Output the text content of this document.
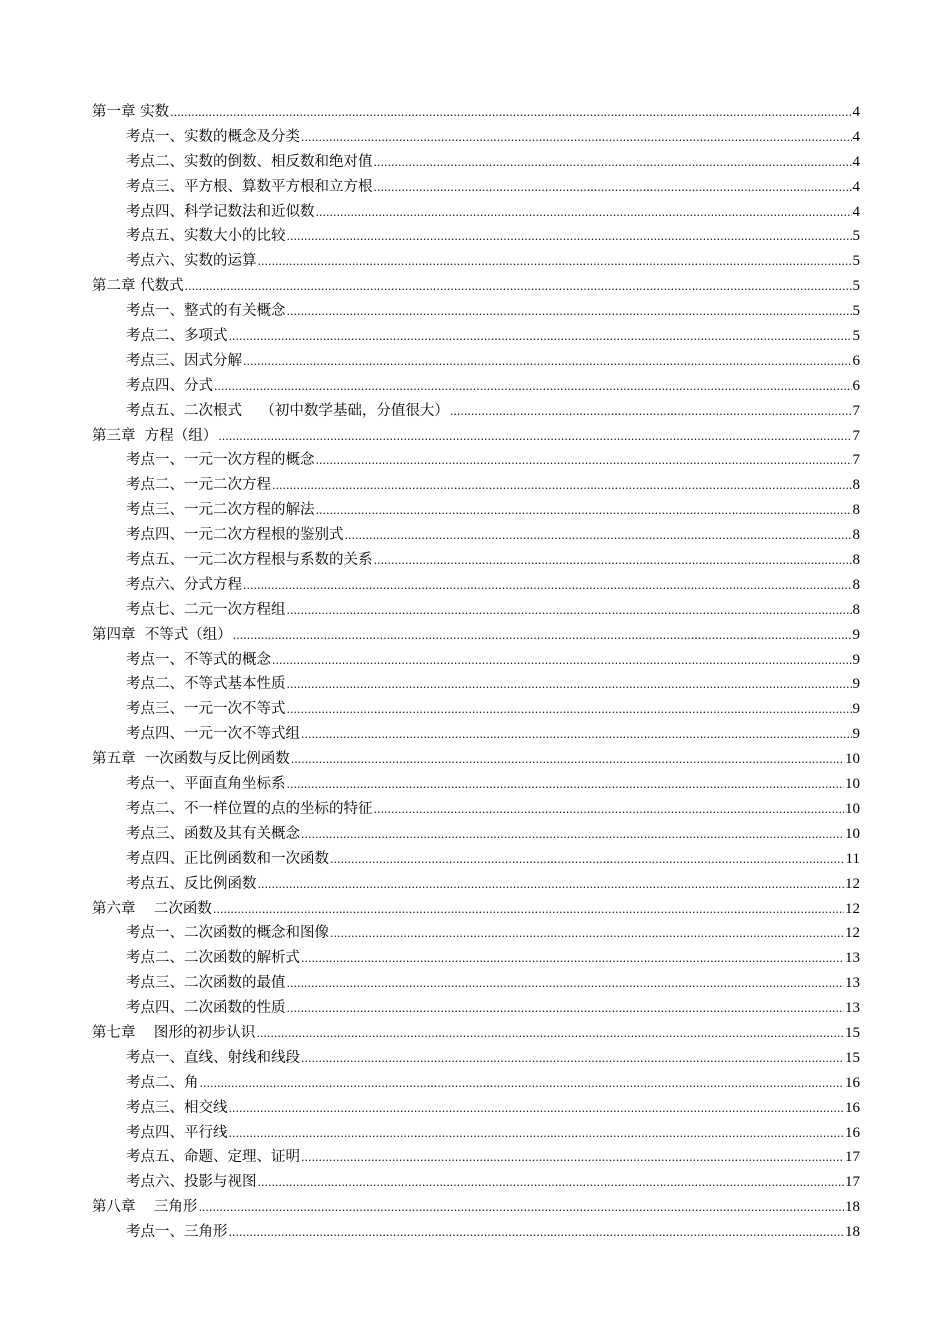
第一章 实数 .....	4
考点一、实数的概念及分类 .....	4
考点二、实数的倒数、相反数和绝对值 .....	4
考点三、平方根、算数平方根和立方根 .....	4
考点四、科学记数法和近似数 .....	4
考点五、实数大小的比较 .....	5
考点六、实数的运算 .....	5
第二章 代数式 .....	5
考点一、整式的有关概念 .....	5
考点二、多项式 .....	5
考点三、因式分解 .....	6
考点四、分式 .....	6
考点五、二次根式    （初中数学基础，分值很大） .....	7
第三章  方程（组） .....	7
考点一、一元一次方程的概念 .....	7
考点二、一元二次方程 .....	8
考点三、一元二次方程的解法 .....	8
考点四、一元二次方程根的鉴别式 .....	8
考点五、一元二次方程根与系数的关系 .....	8
考点六、分式方程 .....	8
考点七、二元一次方程组 .....	8
第四章  不等式（组） .....	9
考点一、不等式的概念 .....	9
考点二、不等式基本性质 .....	9
考点三、一元一次不等式 .....	9
考点四、一元一次不等式组 .....	9
第五章  一次函数与反比例函数 .....	10
考点一、平面直角坐标系 .....	10
考点二、不一样位置的点的坐标的特征 .....	10
考点三、函数及其有关概念 .....	10
考点四、正比例函数和一次函数 .....	11
考点五、反比例函数 .....	12
第六章    二次函数 .....	12
考点一、二次函数的概念和图像 .....	12
考点二、二次函数的解析式 .....	13
考点三、二次函数的最值 .....	13
考点四、二次函数的性质 .....	13
第七章    图形的初步认识 .....	15
考点一、直线、射线和线段 .....	15
考点二、角 .....	16
考点三、相交线 .....	16
考点四、平行线 .....	16
考点五、命题、定理、证明 .....	17
考点六、投影与视图 .....	17
第八章    三角形 .....	18
考点一、三角形 .....	18
